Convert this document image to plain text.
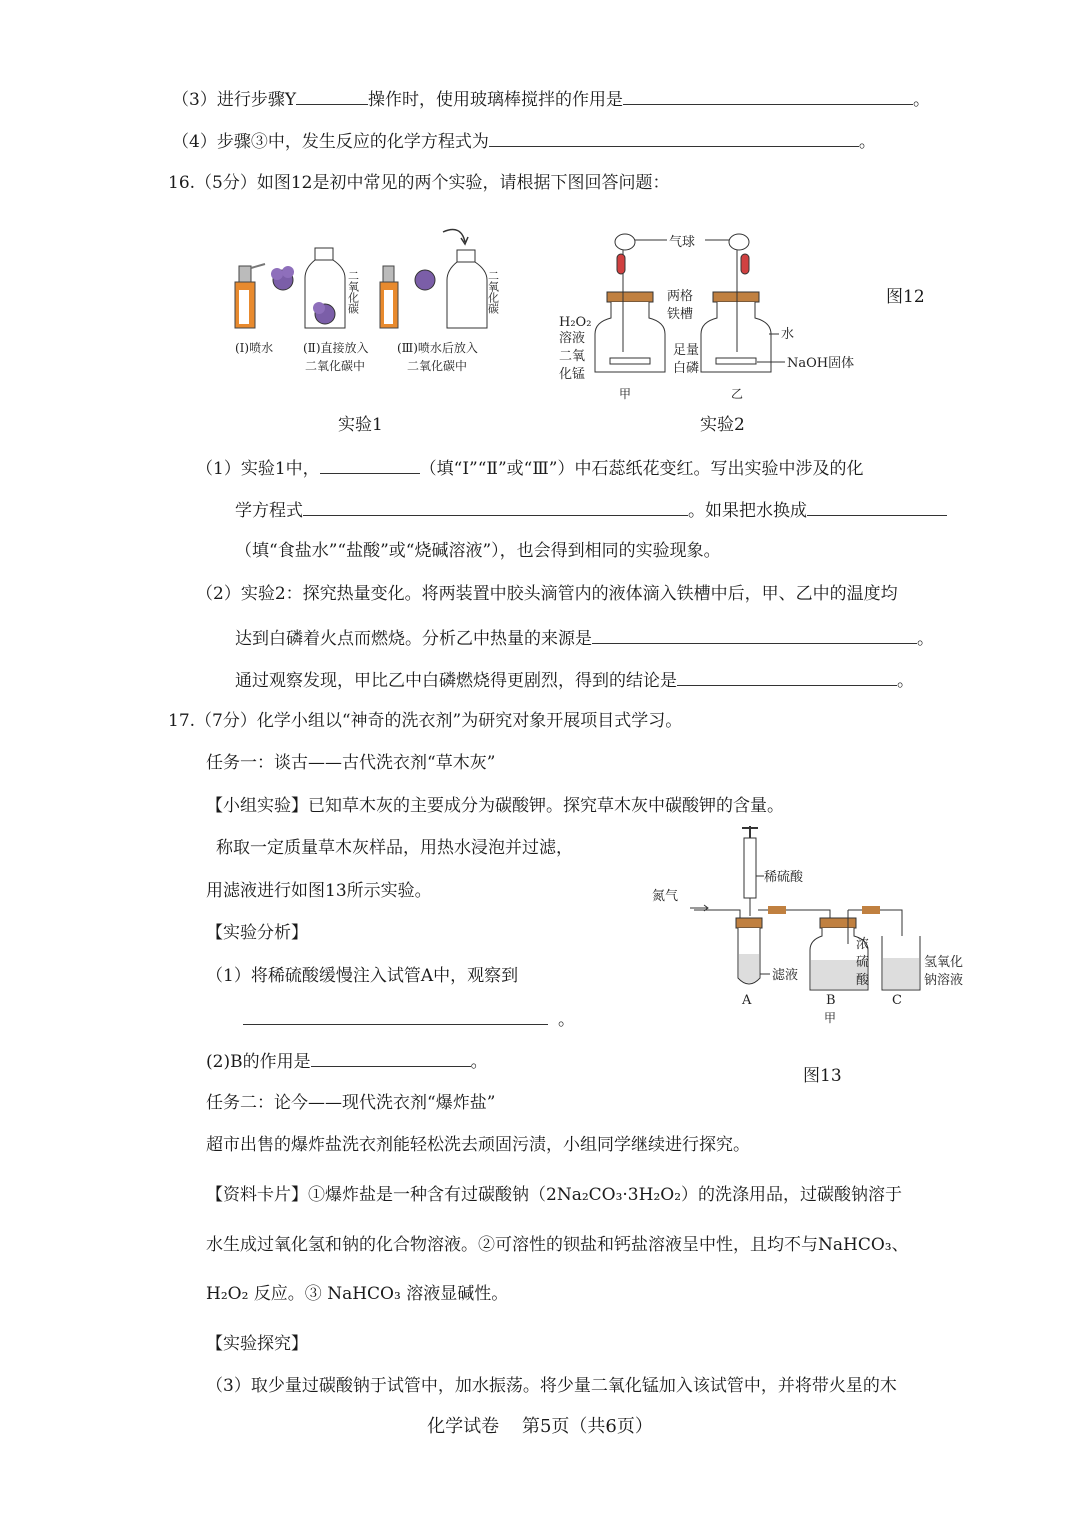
（3）进行步骤Y	操作时，使用玻璃棒搅拌的作用是	。
（4）步骤③中，发生反应的化学方程式为	。
16.（5分）如图12是初中常见的两个实验，请根据下图回答问题：
二氧化碳	二氧化碳
(Ⅰ)喷水 (Ⅱ)直接放入
二氧化碳中
(Ⅲ)喷水后放入
二氧化碳中
气球
两格
铁槽
H₂O₂
溶液
二氧
化锰
足量
白磷
水
NaOH固体
甲	乙
图12
实验1	实验2
（1）实验1中，	（填“I”“Ⅱ”或“Ⅲ”）中石蕊纸花变红。写出实验中涉及的化
学方程式	。如果把水换成
（填“食盐水”“盐酸”或“烧碱溶液”），也会得到相同的实验现象。
（2）实验2：探究热量变化。将两装置中胶头滴管内的液体滴入铁槽中后，甲、乙中的温度均
达到白磷着火点而燃烧。分析乙中热量的来源是	。
通过观察发现，甲比乙中白磷燃烧得更剧烈，得到的结论是	。
17.（7分）化学小组以“神奇的洗衣剂”为研究对象开展项目式学习。
任务一：谈古——古代洗衣剂“草木灰”
【小组实验】已知草木灰的主要成分为碳酸钾。探究草木灰中碳酸钾的含量。
称取一定质量草木灰样品，用热水浸泡并过滤，
用滤液进行如图13所示实验。
【实验分析】
（1）将稀硫酸缓慢注入试管A中，观察到
。
(2)B的作用是	。
稀硫酸
氮气
滤液
浓
硫
酸
氢氧化
钠溶液
A	B	C
甲
图13
任务二：论今——现代洗衣剂“爆炸盐”
超市出售的爆炸盐洗衣剂能轻松洗去顽固污渍，小组同学继续进行探究。
【资料卡片】①爆炸盐是一种含有过碳酸钠（2Na₂CO₃·3H₂O₂）的洗涤用品，过碳酸钠溶于
水生成过氧化氢和钠的化合物溶液。②可溶性的钡盐和钙盐溶液呈中性，且均不与NaHCO₃、
H₂O₂ 反应。③ NaHCO₃ 溶液显碱性。
【实验探究】
（3）取少量过碳酸钠于试管中，加水振荡。将少量二氧化锰加入该试管中，并将带火星的木
化学试卷 第5页（共6页）
